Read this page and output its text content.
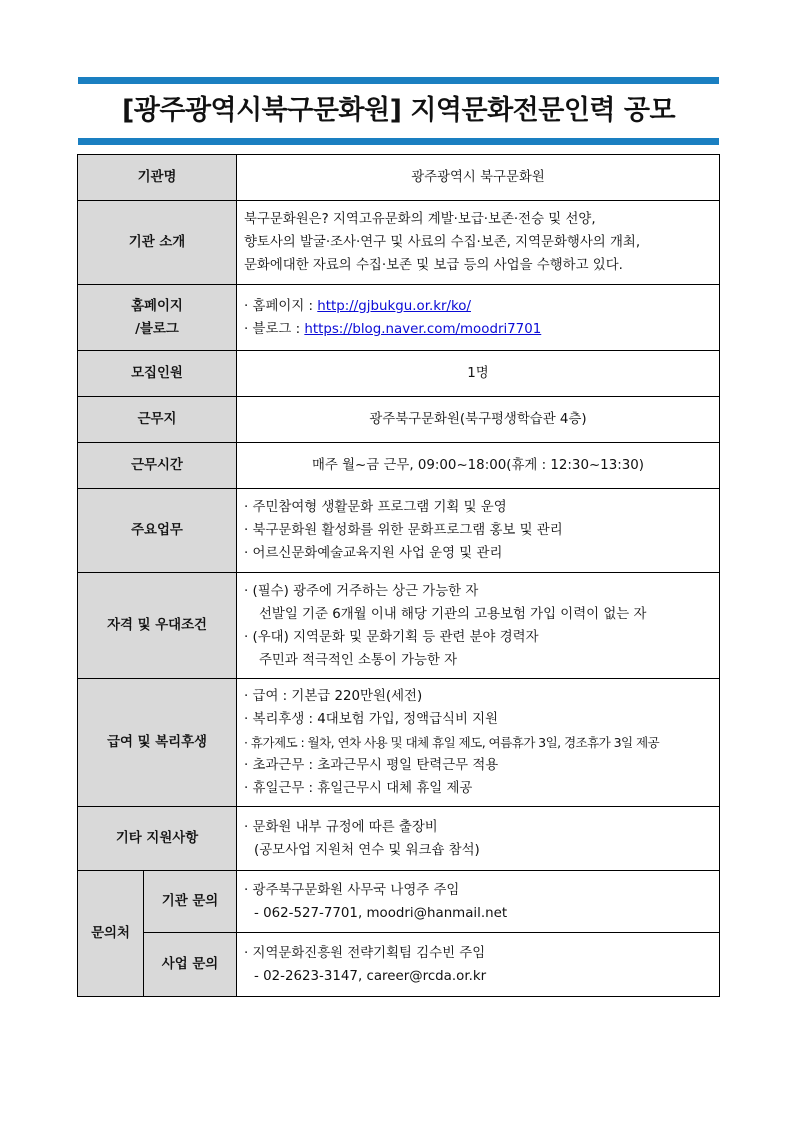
[광주광역시북구문화원] 지역문화전문인력 공모
기관명		광주광역시 북구문화원
기관 소개		북구문화원은? 지역고유문화의 계발·보급·보존·전승 및 선양,
향토사의 발굴·조사·연구 및 사료의 수집·보존, 지역문화행사의 개최,
문화에대한 자료의 수집·보존 및 보급 등의 사업을 수행하고 있다.

홈페이지
/블로그		· 홈페이지 : http://gjbukgu.or.kr/ko/
· 블로그 : https://blog.naver.com/moodri7701

모집인원		1명
근무지		광주북구문화원(북구평생학습관 4층)
근무시간		매주 월~금 근무, 09:00~18:00(휴게 : 12:30~13:30)
주요업무		· 주민참여형 생활문화 프로그램 기획 및 운영
· 북구문화원 활성화를 위한 문화프로그램 홍보 및 관리
· 어르신문화예술교육지원 사업 운영 및 관리

자격 및 우대조건		· (필수) 광주에 거주하는 상근 가능한 자
선발일 기준 6개월 이내 해당 기관의 고용보험 가입 이력이 없는 자
· (우대) 지역문화 및 문화기획 등 관련 분야 경력자
주민과 적극적인 소통이 가능한 자

급여 및 복리후생		· 급여 : 기본급 220만원(세전)
· 복리후생 : 4대보험 가입, 정액급식비 지원
· 휴가제도 : 월차, 연차 사용 및 대체 휴일 제도, 여름휴가 3일, 경조휴가 3일 제공
· 초과근무 : 초과근무시 평일 탄력근무 적용
· 휴일근무 : 휴일근무시 대체 휴일 제공

기타 지원사항		· 문화원 내부 규정에 따른 출장비
(공모사업 지원처 연수 및 워크숍 참석)

문의처	기관 문의	· 광주북구문화원 사무국 나영주 주임
- 062-527-7701, moodri@hanmail.net

	사업 문의	· 지역문화진흥원 전략기획팀 김수빈 주임
- 02-2623-3147, career@rcda.or.kr
